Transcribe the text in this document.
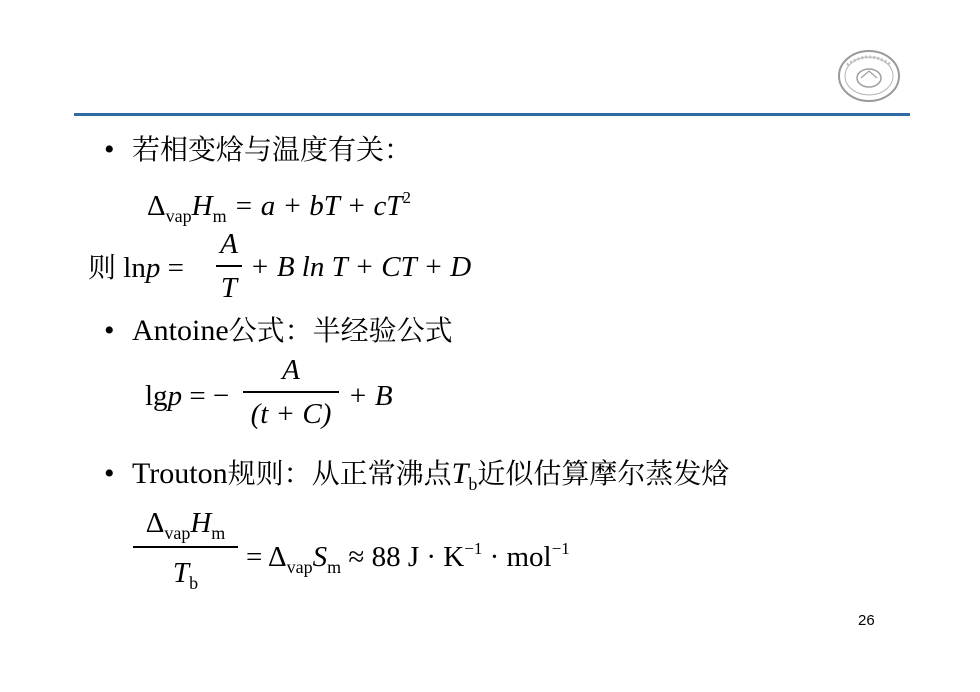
• 若相变焓与温度有关：
$\Delta_{vap}H_m = a$ + bT + $cT^2$
则 lnp =
A
T
+ B ln T + CT + D
• Antoine公式：半经验公式
lgp = −
A
(t + C)
+ B
• Trouton规则：从正常沸点$T_b$近似估算摩尔蒸发焓
$\Delta_{vap}H_m$
$T_b$
= $\Delta_{vap}S_m \approx 88$ $J \cdot K^{-1} \cdot mol^{-1}$
26
